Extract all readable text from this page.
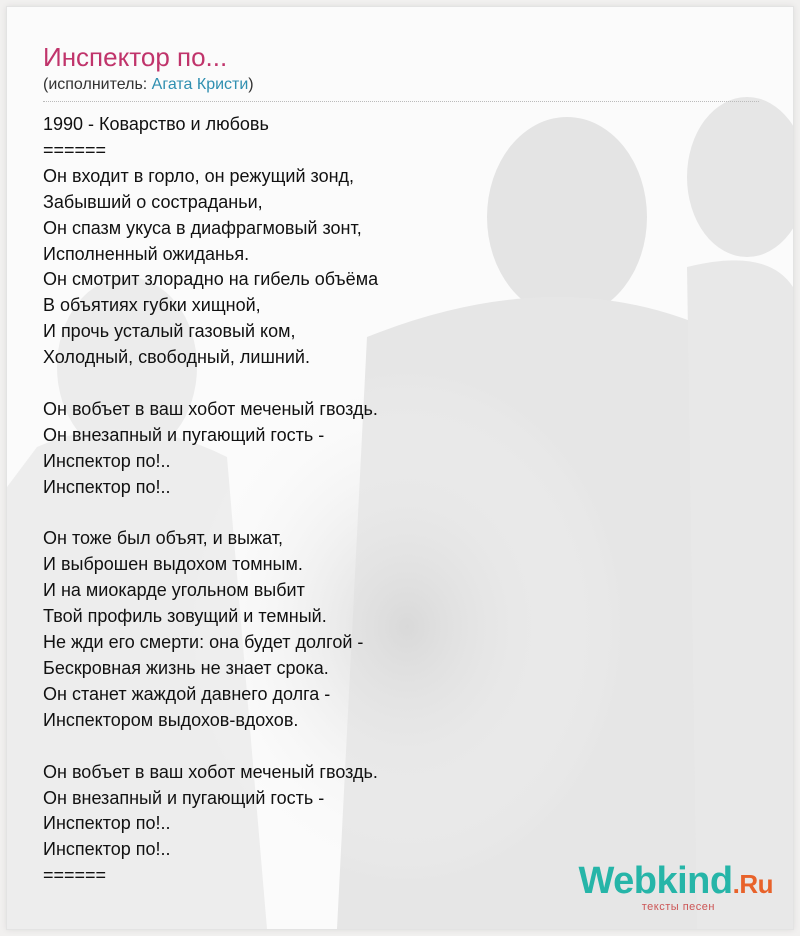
Инспектор по...
(исполнитель: Агата Кристи)
1990 - Коварство и любовь
======
Он входит в горло, он режущий зонд,
Забывший о состраданьи,
Он спазм укуса в диафрагмовый зонт,
Исполненный ожиданья.
Он смотрит злорадно на гибель объёма
В объятиях губки хищной,
И прочь усталый газовый ком,
Холодный, свободный, лишний.
Он вобъет в ваш хобот меченый гвоздь.
Он внезапный и пугающий гость -
Инспектор по!..
Инспектор по!..
Он тоже был объят, и выжат,
И выброшен выдохом томным.
И на миокарде угольном выбит
Твой профиль зовущий и темный.
Не жди его смерти: она будет долгой -
Бескровная жизнь не знает срока.
Он станет жаждой давнего долга -
Инспектором выдохов-вдохов.
Он вобъет в ваш хобот меченый гвоздь.
Он внезапный и пугающий гость -
Инспектор по!..
Инспектор по!..
======	Webkind.Ru
тексты песен
